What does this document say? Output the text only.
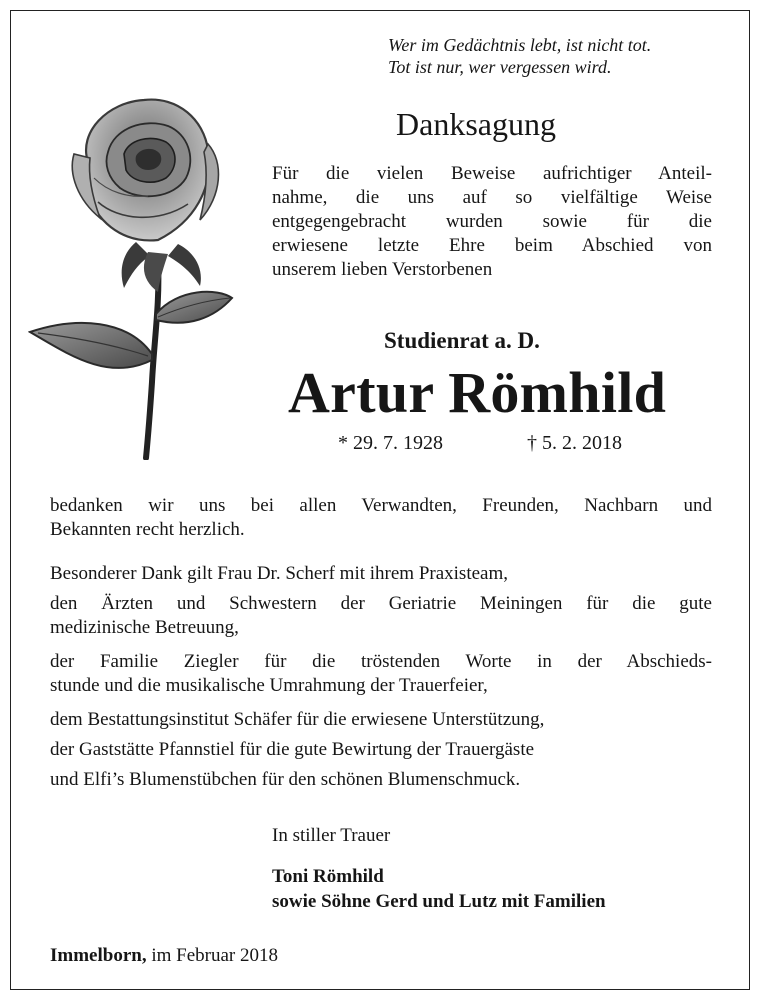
Wer im Gedächtnis lebt, ist nicht tot.
Tot ist nur, wer vergessen wird.
Danksagung
Für die vielen Beweise aufrichtiger Anteil-
nahme, die uns auf so vielfältige Weise
entgegengebracht wurden sowie für die
erwiesene letzte Ehre beim Abschied von
unserem lieben Verstorbenen
Studienrat a. D.
Artur Römhild
* 29. 7. 1928	† 5. 2. 2018
bedanken wir uns bei allen Verwandten, Freunden, Nachbarn und
Bekannten recht herzlich.
Besonderer Dank gilt Frau Dr. Scherf mit ihrem Praxisteam,
den Ärzten und Schwestern der Geriatrie Meiningen für die gute
medizinische Betreuung,
der Familie Ziegler für die tröstenden Worte in der Abschieds-
stunde und die musikalische Umrahmung der Trauerfeier,
dem Bestattungsinstitut Schäfer für die erwiesene Unterstützung,
der Gaststätte Pfannstiel für die gute Bewirtung der Trauergäste
und Elfi’s Blumenstübchen für den schönen Blumenschmuck.
In stiller Trauer
Toni Römhild
sowie Söhne Gerd und Lutz mit Familien
Immelborn, im Februar 2018
